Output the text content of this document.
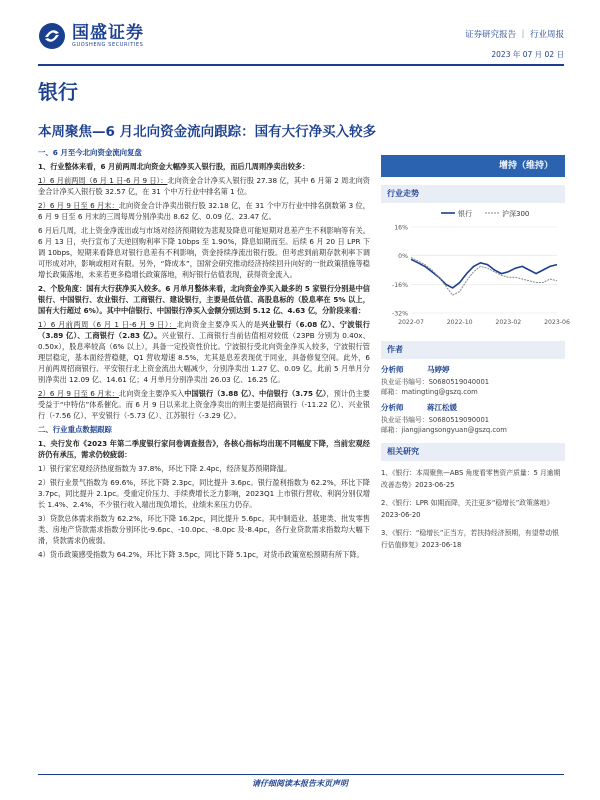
国盛证券
GUOSHENG SECURITIES
证券研究报告 ｜ 行业周报
2023 年 07 月 02 日
银行
本周聚焦—6 月北向资金流向跟踪：国有大行净买入较多
一、6 月至今北向资金流向复盘
1、行业整体来看，6 月前两周北向资金大幅净买入银行股，而后几周则净卖出较多：
1）6 月前两周（6 月 1 日-6 月 9 日）：北向资金合计净买入银行股 27.38 亿，其中 6 月第 2 周北向资金合计净买入银行股 32.57 亿，在 31 个中万行业中排名第 1 位。
2）6 月 9 日至 6 月末：北向资金合计净卖出银行股 32.18 亿，在 31 个中万行业中排名倒数第 3 位，6 月 9 日至 6 月末的三周每周分别净卖出 8.62 亿、0.09 亿、23.47 亿。
6 月后几周，北上资金净流出或与市场对经济预期较为悲观及降息可能短期对息差产生不利影响等有关。6 月 13 日，央行宣布了天逆回购利率下降 10bps 至 1.90%，降息如期而至。后续 6 月 20 日 LPR 下调 10bps，短期来看降息对银行息差有不利影响，资金持续净流出银行股。但考虑到前期存款利率下调可形成对冲，影响或相对有限。另外，“降成本”，国常会研究推动经济持续回升向好的一批政策措施等稳增长政策落地，未来若更多稳增长政策落地，利好银行估值表现，获得资金流入。
2、个股角度：国有大行获净买入较多。6 月单月整体来看，北向资金净买入最多的 5 家银行分别是中信银行、中国银行、农业银行、工商银行、建设银行，主要是低估值、高股息标的（股息率在 5% 以上，国有大行超过 6%）。其中中信银行、中国银行净买入金额分别达到 5.12 亿、4.63 亿，分阶段来看：
1）6 月前两周（6 月 1 日-6 月 9 日）：北向资金主要净买入的是兴业银行（6.08 亿）、宁波银行（3.89 亿）、工商银行（2.83 亿）。兴业银行、工商银行当前估值相对较低（23PB 分别为 0.40x、0.50x），股息率较高（6% 以上），具备一定投资性价比。宁波银行受北向资金净买入较多，宁波银行管理层稳定，基本面经营稳健，Q1 营收增速 8.5%，尤其是息差表现优于同业，具备修复空间。此外，6 月前两周招商银行、平安银行北上资金流出大幅减少，分别净卖出 1.27 亿、0.09 亿，此前 5 月单月分别净卖出 12.09 亿、14.61 亿；4 月单月分别净卖出 26.03 亿、16.25 亿。
2）6 月 9 日至 6 月末：北向资金主要净买入中国银行（3.88 亿）、中信银行（3.75 亿），预计仍主要受益于“中特估”体系催化。而 6 月 9 日以来北上资金净卖出的则主要是招商银行（-11.22 亿）、兴业银行（-7.56 亿）、平安银行（-5.73 亿）、江苏银行（-3.29 亿）。
二、行业重点数据跟踪
1、央行发布《2023 年第二季度银行家问卷调查报告》，各核心指标均出现不同幅度下降，当前宏观经济仍有承压，需求仍较疲弱：
1）银行家宏观经济热度指数为 37.8%，环比下降 2.4pc，经济复苏预期降温。
2）银行业景气指数为 69.6%，环比下降 2.3pc，同比提升 3.6pc。银行盈利指数为 62.2%，环比下降 3.7pc，同比提升 2.1pc。受重定价压力、手续费增长乏力影响，2023Q1 上市银行营收、利润分别仅增长 1.4%、2.4%，不少银行收入端出现负增长，业绩未来压力仍存。
3）贷款总体需求指数为 62.2%，环比下降 16.2pc，同比提升 5.6pc。其中制造业、基建类、批发零售类、房地产贷款需求指数分别环比-9.6pc、-10.0pc、-8.0pc 及-8.4pc，各行业贷款需求指数均大幅下滑，贷款需求仍疲弱。
4）货币政策感受指数为 64.2%，环比下降 3.5pc，同比下降 5.1pc，对货币政策宽松预期有所下降。
增持（维持）
行业走势
银行	沪深300
16%
0%
-16%
-32%
2022-07	2022-10	2023-02	2023-06
作者
分析师	马婷婷
执业证书编号：S0680519040001
邮箱：matingting@gszq.com
分析师	蒋江松媛
执业证书编号：S0680519090001
邮箱：jiangjiangsongyuan@gszq.com
相关研究
1、《银行：本周聚焦—ABS 角度看零售资产质量：5 月逾期改善态势》2023-06-25
2、《银行：LPR 如期而降，关注更多“稳增长”政策落地》2023-06-20
3、《银行：“稳增长”正当方，若扶持经济预期，有望带动银行估值修复》2023-06-18
请仔细阅读本报告末页声明
